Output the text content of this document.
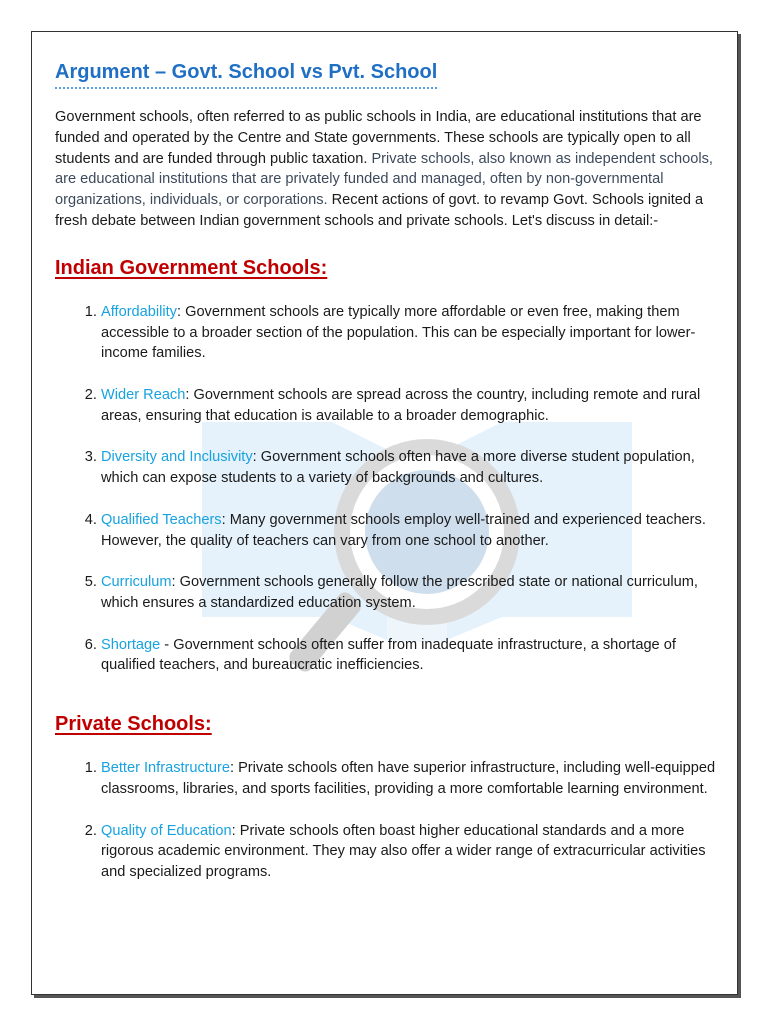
Argument – Govt. School vs Pvt. School

Government schools, often referred to as public schools in India, are educational institutions that are funded and operated by the Centre and State governments. These schools are typically open to all students and are funded through public taxation. Private schools, also known as independent schools, are educational institutions that are privately funded and managed, often by non-governmental organizations, individuals, or corporations. Recent actions of govt. to revamp Govt. Schools ignited a fresh debate between Indian government schools and private schools. Let's discuss in detail:-

Indian Government Schools:
1. Affordability: Government schools are typically more affordable or even free, making them accessible to a broader section of the population. This can be especially important for lower-income families.
2. Wider Reach: Government schools are spread across the country, including remote and rural areas, ensuring that education is available to a broader demographic.
3. Diversity and Inclusivity: Government schools often have a more diverse student population, which can expose students to a variety of backgrounds and cultures.
4. Qualified Teachers: Many government schools employ well-trained and experienced teachers. However, the quality of teachers can vary from one school to another.
5. Curriculum: Government schools generally follow the prescribed state or national curriculum, which ensures a standardized education system.
6. Shortage - Government schools often suffer from inadequate infrastructure, a shortage of qualified teachers, and bureaucratic inefficiencies.
Private Schools:
1. Better Infrastructure: Private schools often have superior infrastructure, including well-equipped classrooms, libraries, and sports facilities, providing a more comfortable learning environment.
2. Quality of Education: Private schools often boast higher educational standards and a more rigorous academic environment. They may also offer a wider range of extracurricular activities and specialized programs.
